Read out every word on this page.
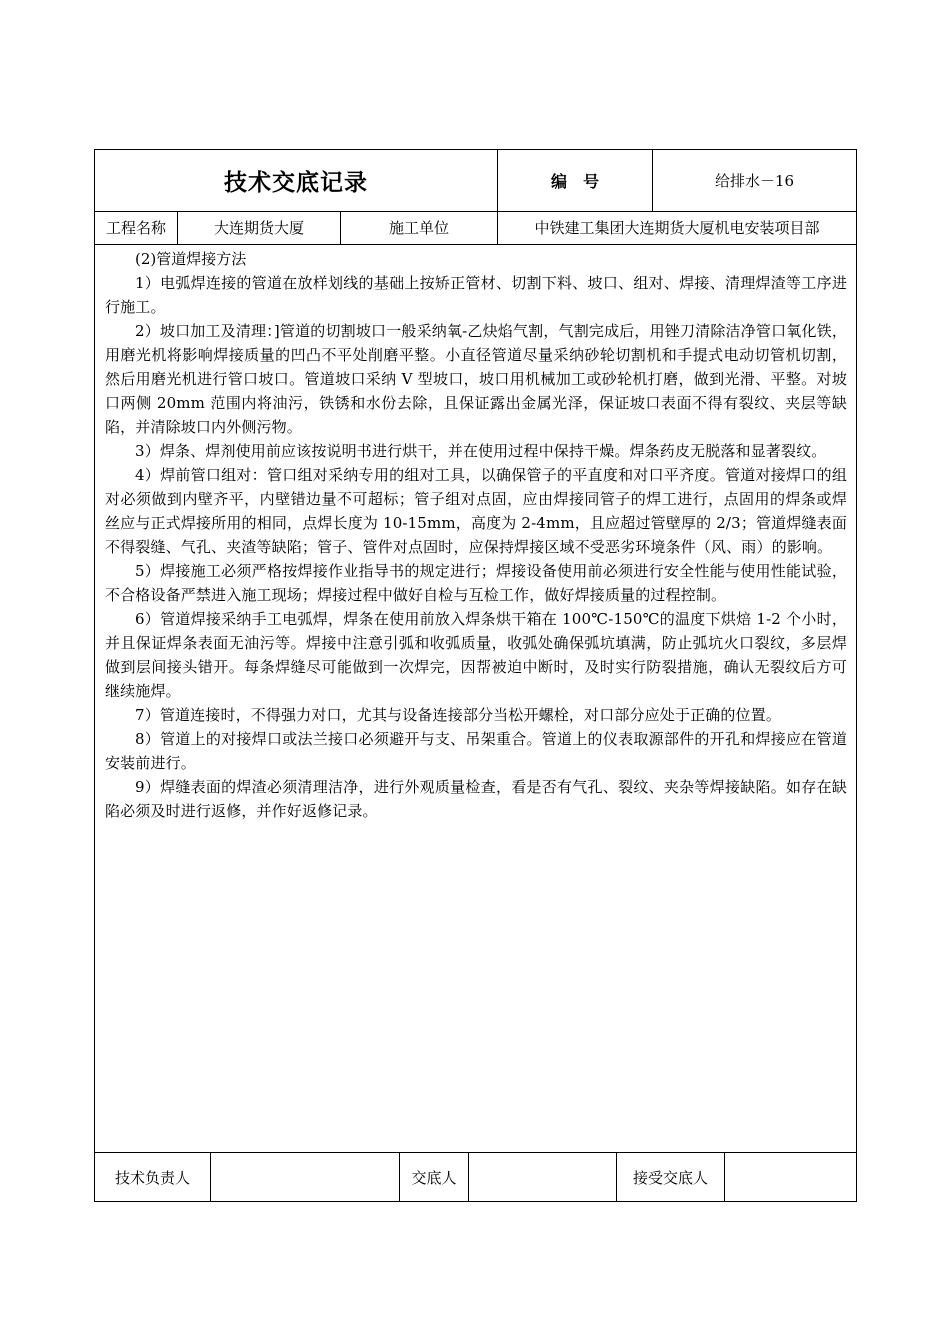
技术交底记录	编　号	给排水－16
工程名称	大连期货大厦	施工单位	中铁建工集团大连期货大厦机电安装项目部

(2)管道焊接方法

1）电弧焊连接的管道在放样划线的基础上按矫正管材、切割下料、坡口、组对、焊接、清理焊渣等工序进行施工。

2）坡口加工及清理：]管道的切割坡口一般采纳氧-乙炔焰气割，气割完成后，用锉刀清除洁净管口氧化铁，用磨光机将影响焊接质量的凹凸不平处削磨平整。小直径管道尽量采纳砂轮切割机和手提式电动切管机切割，然后用磨光机进行管口坡口。管道坡口采纳 V 型坡口，坡口用机械加工或砂轮机打磨，做到光滑、平整。对坡口两侧 20mm 范围内将油污，铁锈和水份去除，且保证露出金属光泽，保证坡口表面不得有裂纹、夹层等缺陷，并清除坡口内外侧污物。

3）焊条、焊剂使用前应该按说明书进行烘干，并在使用过程中保持干燥。焊条药皮无脱落和显著裂纹。

4）焊前管口组对：管口组对采纳专用的组对工具，以确保管子的平直度和对口平齐度。管道对接焊口的组对必须做到内壁齐平，内壁错边量不可超标；管子组对点固，应由焊接同管子的焊工进行，点固用的焊条或焊丝应与正式焊接所用的相同，点焊长度为 10-15mm，高度为 2-4mm，且应超过管壁厚的 2/3；管道焊缝表面不得裂缝、气孔、夹渣等缺陷；管子、管件对点固时，应保持焊接区域不受恶劣环境条件（风、雨）的影响。

5）焊接施工必须严格按焊接作业指导书的规定进行；焊接设备使用前必须进行安全性能与使用性能试验，不合格设备严禁进入施工现场；焊接过程中做好自检与互检工作，做好焊接质量的过程控制。

6）管道焊接采纳手工电弧焊，焊条在使用前放入焊条烘干箱在 100℃-150℃的温度下烘焙 1-2 个小时，并且保证焊条表面无油污等。焊接中注意引弧和收弧质量，收弧处确保弧坑填满，防止弧坑火口裂纹，多层焊做到层间接头错开。每条焊缝尽可能做到一次焊完，因帮被迫中断时，及时实行防裂措施，确认无裂纹后方可继续施焊。

7）管道连接时，不得强力对口，尤其与设备连接部分当松开螺栓，对口部分应处于正确的位置。

8）管道上的对接焊口或法兰接口必须避开与支、吊架重合。管道上的仪表取源部件的开孔和焊接应在管道安装前进行。

9）焊缝表面的焊渣必须清理洁净，进行外观质量检查，看是否有气孔、裂纹、夹杂等焊接缺陷。如存在缺陷必须及时进行返修，并作好返修记录。

技术负责人	交底人	接受交底人
